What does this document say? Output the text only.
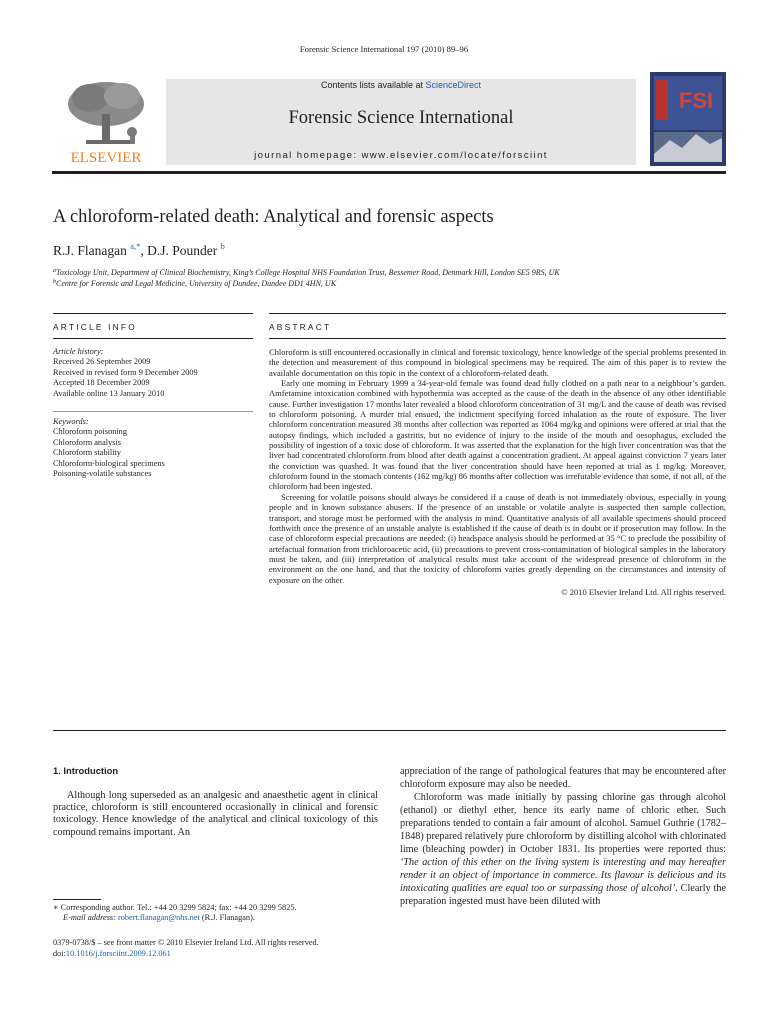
Forensic Science International 197 (2010) 89–96
ELSEVIER
Contents lists available at ScienceDirect
Forensic Science International
journal homepage: www.elsevier.com/locate/forsciint
FSI
A chloroform-related death: Analytical and forensic aspects
R.J. Flanagan $^{a,*}$, D.J. Pounder $^b$
$^a$Toxicology Unit, Department of Clinical Biochemistry, King’s College Hospital NHS Foundation Trust, Bessemer Road, Denmark Hill, London SE5 9RS, UK
$^b$Centre for Forensic and Legal Medicine, University of Dundee, Dundee DD1 4HN, UK
ARTICLE INFO	ABSTRACT
Article history:
Received 26 September 2009
Received in revised form 9 December 2009
Accepted 18 December 2009
Available online 13 January 2010
Keywords:
Chloroform poisoning
Chloroform analysis
Chloroform stability
Chloroform-biological specimens
Poisoning-volatile substances

Chloroform is still encountered occasionally in clinical and forensic toxicology, hence knowledge of the special problems presented in the detection and measurement of this compound in biological specimens may be required. The aim of this paper is to review the available documentation on this topic in the context of a chloroform-related death.

Early one morning in February 1999 a 34-year-old female was found dead fully clothed on a path near to a neighbour’s garden. Amfetamine intoxication combined with hypothermia was accepted as the cause of the death in the absence of any other identifiable cause. Further investigation 17 months later revealed a blood chloroform concentration of 31 mg/L and the cause of death was revised to chloroform poisoning. A murder trial ensued, the indictment specifying forced inhalation as the route of exposure. The liver chloroform concentration measured 38 months after collection was reported as 1064 mg/kg and opinions were offered at trial that the autopsy findings, which included a gastritis, but no evidence of injury to the inside of the mouth and oesophagus, excluded the possibility of ingestion of a toxic dose of chloroform. It was asserted that the explanation for the high liver concentration was that the liver had concentrated chloroform from blood after death against a concentration gradient. At appeal against conviction 7 years later the conviction was quashed. It was found that the liver concentration should have been reported at trial as 1 mg/kg. Moreover, chloroform found in the stomach contents (162 mg/kg) 86 months after collection was irrefutable evidence that some, if not all, of the chloroform had been ingested.

Screening for volatile poisons should always be considered if a cause of death is not immediately obvious, especially in young people and in known substance abusers. If the presence of an unstable or volatile analyte is suspected then sample collection, transport, and storage must be performed with the analysis in mind. Quantitative analysis of all available specimens should proceed forthwith once the presence of an unstable analyte is established if the cause of death is in doubt or if prosecution may follow. In the case of chloroform especial precautions are needed: (i) headspace analysis should be performed at 35 °C to preclude the possibility of artefactual formation from trichloroacetic acid, (ii) precautions to prevent cross-contamination of biological samples in the laboratory must be taken, and (iii) interpretation of analytical results must take account of the widespread presence of chloroform in the environment on the one hand, and that the toxicity of chloroform varies greatly depending on the circumstances and intensity of exposure on the other.

© 2010 Elsevier Ireland Ltd. All rights reserved.

1. Introduction

Although long superseded as an analgesic and anaesthetic agent in clinical practice, chloroform is still encountered occasionally in clinical and forensic toxicology. Hence knowledge of the analytical and clinical toxicology of this compound remains important. An

appreciation of the range of pathological features that may be encountered after chloroform exposure may also be needed.

Chloroform was made initially by passing chlorine gas through alcohol (ethanol) or diethyl ether, hence its early name of chloric ether. Such preparations tended to contain a fair amount of alcohol. Samuel Guthrie (1782–1848) prepared relatively pure chloroform by distilling alcohol with chlorinated lime (bleaching powder) in October 1831. Its properties were reported thus: ‘The action of this ether on the living system is interesting and may hereafter render it an object of importance in commerce. Its flavour is delicious and its intoxicating qualities are equal too or surpassing those of alcohol’. Clearly the preparation ingested must have been diluted with

∗ Corresponding author. Tel.: +44 20 3299 5824; fax: +44 20 3299 5825.
E-mail address: robert.flanagan@nhs.net (R.J. Flanagan).
0379-0738/$ – see front matter © 2010 Elsevier Ireland Ltd. All rights reserved.
doi:10.1016/j.forsciint.2009.12.061
